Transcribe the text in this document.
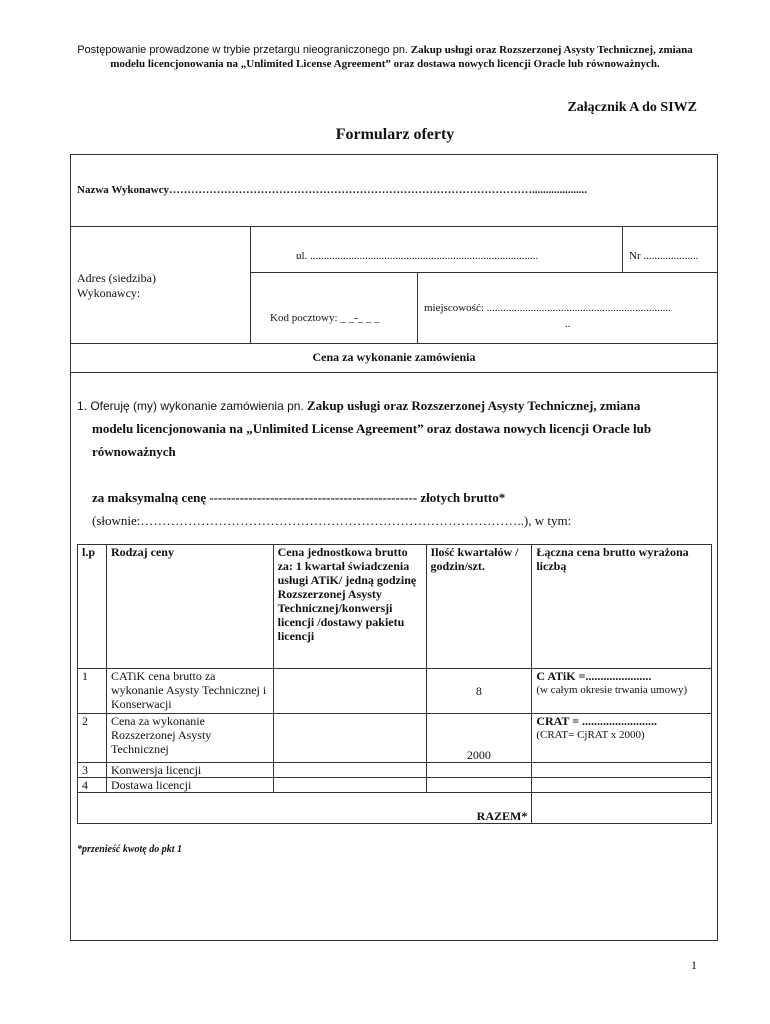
Postępowanie prowadzone w trybie przetargu nieograniczonego pn. Zakup usługi oraz Rozszerzonej Asysty Technicznej, zmiana modelu licencjonowania na „Unlimited License Agreement” oraz dostawa nowych licencji Oracle lub równoważnych.
Załącznik A do SIWZ
Formularz oferty
Nazwa Wykonawcy………………………………………………………………………………………....................
Adres (siedziba)
Wykonawcy:
ul. ...................................................................................	Nr ....................
Kod pocztowy: _ _-_ _ _
miejscowość: ...................................................................
..
Cena za wykonanie zamówienia
1. Oferuję (my) wykonanie zamówienia pn. Zakup usługi oraz Rozszerzonej Asysty Technicznej, zmiana
modelu licencjonowania na „Unlimited License Agreement” oraz dostawa nowych licencji Oracle lub
równoważnych
za maksymalną cenę ------------------------------------------------ złotych brutto*
(słownie:……………………………………………………………………………..), w tym:
l.p	Rodzaj ceny	Cena jednostkowa brutto za: 1 kwartał świadczenia usługi ATiK/ jedną godzinę Rozszerzonej Asysty Technicznej/konwersji licencji /dostawy pakietu licencji	Ilość kwartałów / godzin/szt.	Łączna cena brutto wyrażona liczbą
1	CATiK cena brutto za wykonanie Asysty Technicznej i Konserwacji		8	C ATiK =......................
(w całym okresie trwania umowy)

2	Cena za wykonanie Rozszerzonej Asysty Technicznej		2000	CRAT = .........................
(CRAT= CjRAT x 2000)

3	Konwersja licencji			
4	Dostawa licencji			
RAZEM*				
*przenieść kwotę do pkt 1
1
